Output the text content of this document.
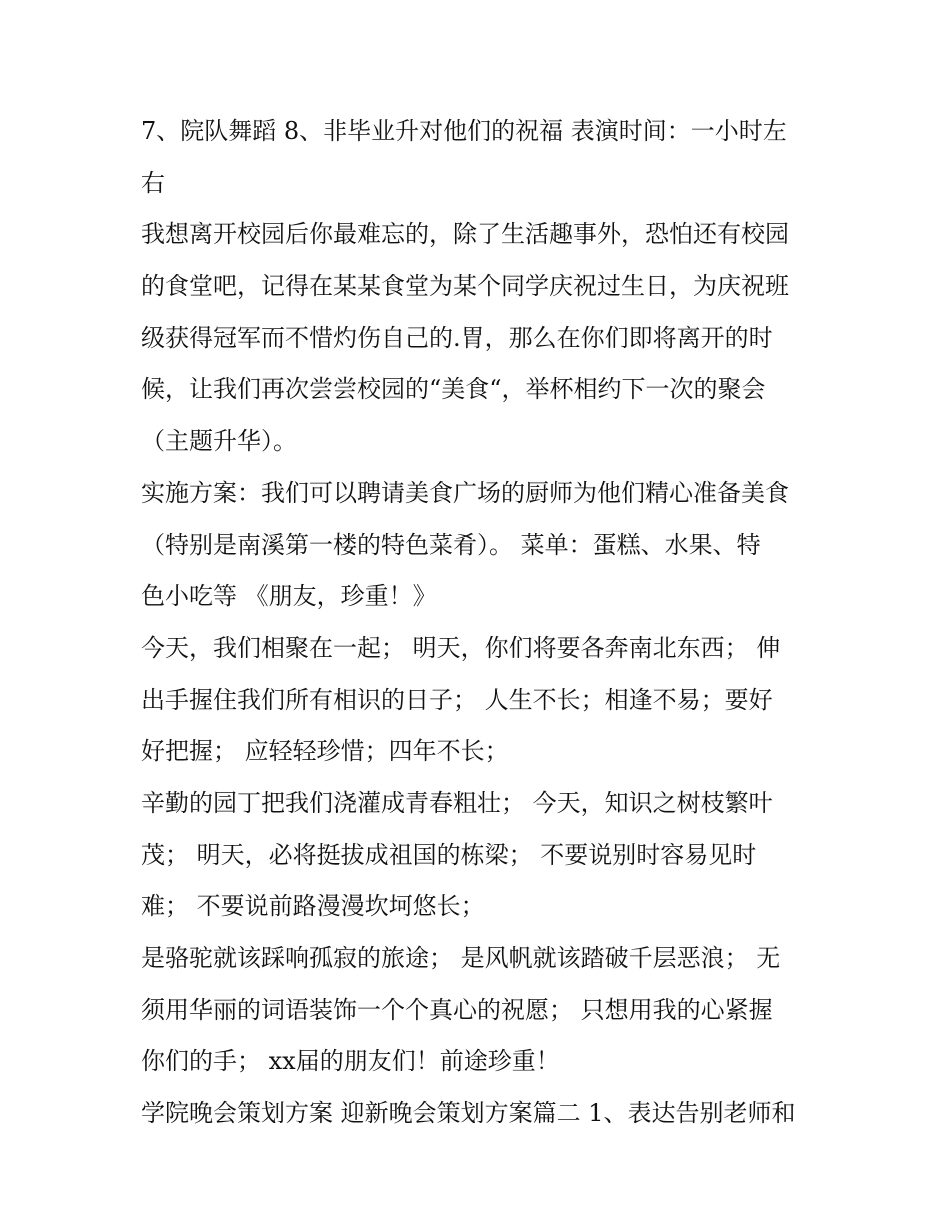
7、院队舞蹈 8、非毕业升对他们的祝福 表演时间：一小时左
右
我想离开校园后你最难忘的，除了生活趣事外，恐怕还有校园
的食堂吧，记得在某某食堂为某个同学庆祝过生日，为庆祝班
级获得冠军而不惜灼伤自己的.胃，那么在你们即将离开的时
候，让我们再次尝尝校园的“美食“，举杯相约下一次的聚会
（主题升华）。
实施方案：我们可以聘请美食广场的厨师为他们精心准备美食
（特别是南溪第一楼的特色菜肴）。 菜单：蛋糕、水果、特
色小吃等 《朋友，珍重！》
今天，我们相聚在一起； 明天，你们将要各奔南北东西； 伸
出手握住我们所有相识的日子； 人生不长；相逢不易；要好
好把握； 应轻轻珍惜；四年不长；
辛勤的园丁把我们浇灌成青春粗壮； 今天，知识之树枝繁叶
茂； 明天，必将挺拔成祖国的栋梁； 不要说别时容易见时
难； 不要说前路漫漫坎坷悠长；
是骆驼就该踩响孤寂的旅途； 是风帆就该踏破千层恶浪； 无
须用华丽的词语装饰一个个真心的祝愿； 只想用我的心紧握
你们的手； xx届的朋友们！前途珍重！
学院晚会策划方案 迎新晚会策划方案篇二 1、表达告别老师和
